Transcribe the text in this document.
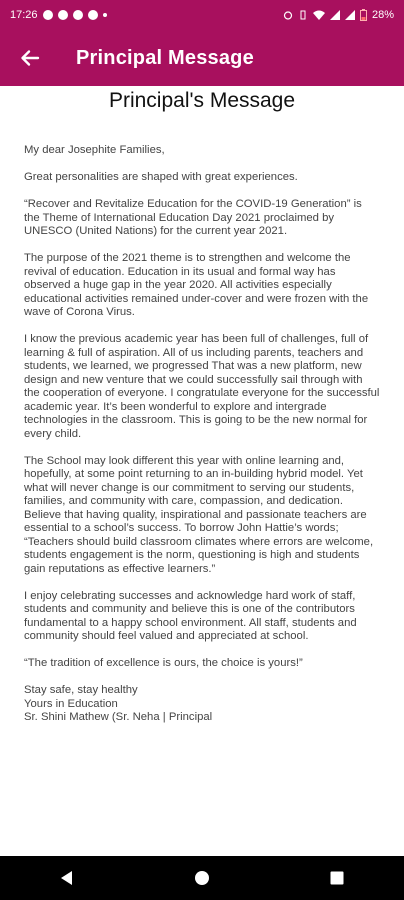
17:26	28%
Principal Message
Principal's Message

My dear Josephite Families,

Great personalities are shaped with great experiences.

“Recover and Revitalize Education for the COVID-19 Generation” is the Theme of International Education Day 2021 proclaimed by UNESCO (United Nations) for the current year 2021.

The purpose of the 2021 theme is to strengthen and welcome the revival of education. Education in its usual and formal way has observed a huge gap in the year 2020. All activities especially educational activities remained under-cover and were frozen with the wave of Corona Virus.

I know the previous academic year has been full of challenges, full of learning & full of aspiration. All of us including parents, teachers and students, we learned, we progressed That was a new platform, new design and new venture that we could successfully sail through with the cooperation of everyone. I congratulate everyone for the successful academic year. It’s been wonderful to explore and intergrade technologies in the classroom. This is going to be the new normal for every child.

The School may look different this year with online learning and, hopefully, at some point returning to an in-building hybrid model. Yet what will never change is our commitment to serving our students, families, and community with care, compassion, and dedication. Believe that having quality, inspirational and passionate teachers are essential to a school’s success. To borrow John Hattie’s words; “Teachers should build classroom climates where errors are welcome, students engagement is the norm, questioning is high and students gain reputations as effective learners.”

I enjoy celebrating successes and acknowledge hard work of staff, students and community and believe this is one of the contributors fundamental to a happy school environment. All staff, students and community should feel valued and appreciated at school.

“The tradition of excellence is ours, the choice is yours!”

Stay safe, stay healthy

Yours in Education

Sr. Shini Mathew (Sr. Neha | Principal
